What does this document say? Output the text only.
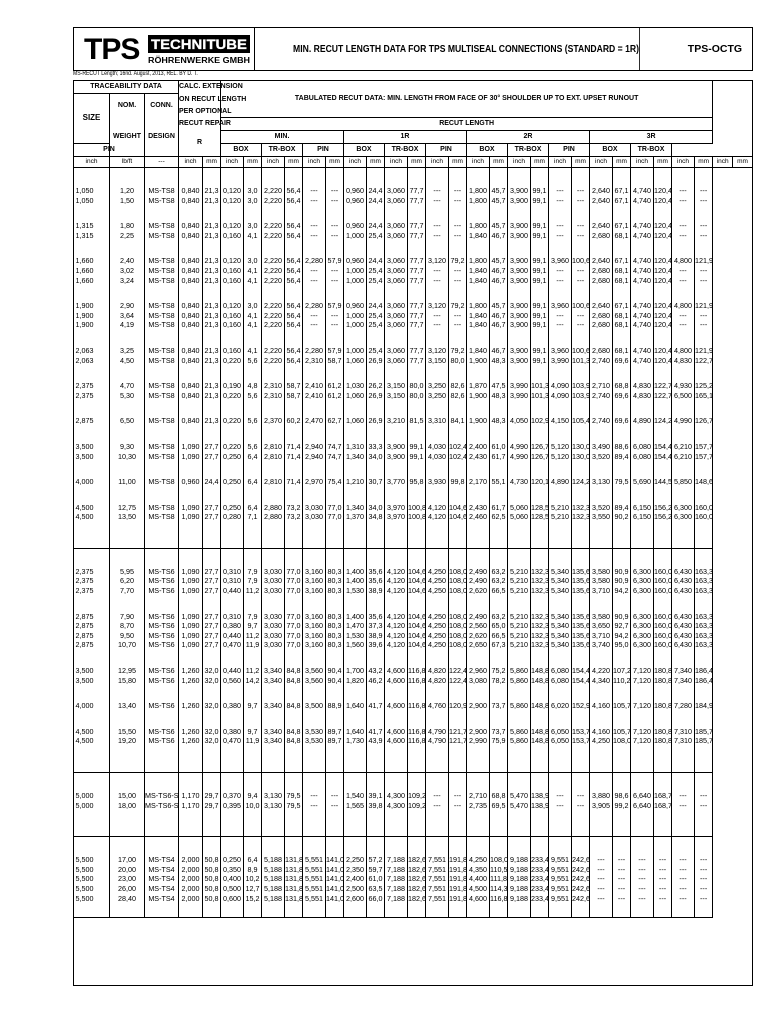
TPS TECHNITUBE
RÖHRENWERKE GMBH
MIN. RECUT LENGTH DATA FOR TPS MULTISEAL CONNECTIONS (STANDARD = 1R)	TPS-OCTG
MS-RECUT Length; 16nd. August, 2013, REL. BY D. T.
TRACEABILITY DATA			CALC. EXTENSION		TABULATED RECUT DATA: MIN. LENGTH FROM FACE OF 30° SHOULDER UP TO EXT. UPSET RUNOUT																									
SIZE	NOM.	CONN.	ON RECUT LENGTH																											
			PER OPTIONAL																											
	WEIGHT	DESIGN	RECUT REPAIR		RECUT LENGTH																									
			R		MIN.						1R						2R						3R							
PIN					BOX		TR-BOX		PIN		BOX		TR-BOX		PIN		BOX		TR-BOX		PIN		BOX		TR-BOX					
inch	lb/ft	---	inch	mm	inch	mm	inch	mm	inch	mm	inch	mm	inch	mm	inch	mm	inch	mm	inch	mm	inch	mm	inch	mm	inch	mm	inch	mm	inch	mm

1,050	1,20	MS-TS8	0,840	21,3	0,120	3,0	2,220	56,4	---	---	0,960	24,4	3,060	77,7	---	---	1,800	45,7	3,900	99,1	---	---	2,640	67,1	4,740	120,4	---	---		
1,050	1,50	MS-TS8	0,840	21,3	0,120	3,0	2,220	56,4	---	---	0,960	24,4	3,060	77,7	---	---	1,800	45,7	3,900	99,1	---	---	2,640	67,1	4,740	120,4	---	---		

1,315	1,80	MS-TS8	0,840	21,3	0,120	3,0	2,220	56,4	---	---	0,960	24,4	3,060	77,7	---	---	1,800	45,7	3,900	99,1	---	---	2,640	67,1	4,740	120,4	---	---		
1,315	2,25	MS-TS8	0,840	21,3	0,160	4,1	2,220	56,4	---	---	1,000	25,4	3,060	77,7	---	---	1,840	46,7	3,900	99,1	---	---	2,680	68,1	4,740	120,4	---	---		

1,660	2,40	MS-TS8	0,840	21,3	0,120	3,0	2,220	56,4	2,280	57,9	0,960	24,4	3,060	77,7	3,120	79,2	1,800	45,7	3,900	99,1	3,960	100,6	2,640	67,1	4,740	120,4	4,800	121,9		
1,660	3,02	MS-TS8	0,840	21,3	0,160	4,1	2,220	56,4	---	---	1,000	25,4	3,060	77,7	---	---	1,840	46,7	3,900	99,1	---	---	2,680	68,1	4,740	120,4	---	---		
1,660	3,24	MS-TS8	0,840	21,3	0,160	4,1	2,220	56,4	---	---	1,000	25,4	3,060	77,7	---	---	1,840	46,7	3,900	99,1	---	---	2,680	68,1	4,740	120,4	---	---		

1,900	2,90	MS-TS8	0,840	21,3	0,120	3,0	2,220	56,4	2,280	57,9	0,960	24,4	3,060	77,7	3,120	79,2	1,800	45,7	3,900	99,1	3,960	100,6	2,640	67,1	4,740	120,4	4,800	121,9		
1,900	3,64	MS-TS8	0,840	21,3	0,160	4,1	2,220	56,4	---	---	1,000	25,4	3,060	77,7	---	---	1,840	46,7	3,900	99,1	---	---	2,680	68,1	4,740	120,4	---	---		
1,900	4,19	MS-TS8	0,840	21,3	0,160	4,1	2,220	56,4	---	---	1,000	25,4	3,060	77,7	---	---	1,840	46,7	3,900	99,1	---	---	2,680	68,1	4,740	120,4	---	---		

2,063	3,25	MS-TS8	0,840	21,3	0,160	4,1	2,220	56,4	2,280	57,9	1,000	25,4	3,060	77,7	3,120	79,2	1,840	46,7	3,900	99,1	3,960	100,6	2,680	68,1	4,740	120,4	4,800	121,9		
2,063	4,50	MS-TS8	0,840	21,3	0,220	5,6	2,220	56,4	2,310	58,7	1,060	26,9	3,060	77,7	3,150	80,0	1,900	48,3	3,900	99,1	3,990	101,3	2,740	69,6	4,740	120,4	4,830	122,7		

2,375	4,70	MS-TS8	0,840	21,3	0,190	4,8	2,310	58,7	2,410	61,2	1,030	26,2	3,150	80,0	3,250	82,6	1,870	47,5	3,990	101,3	4,090	103,9	2,710	68,8	4,830	122,7	4,930	125,2		
2,375	5,30	MS-TS8	0,840	21,3	0,220	5,6	2,310	58,7	2,410	61,2	1,060	26,9	3,150	80,0	3,250	82,6	1,900	48,3	3,990	101,3	4,090	103,9	2,740	69,6	4,830	122,7	6,500	165,1		

2,875	6,50	MS-TS8	0,840	21,3	0,220	5,6	2,370	60,2	2,470	62,7	1,060	26,9	3,210	81,5	3,310	84,1	1,900	48,3	4,050	102,9	4,150	105,4	2,740	69,6	4,890	124,2	4,990	126,7		

3,500	9,30	MS-TS8	1,090	27,7	0,220	5,6	2,810	71,4	2,940	74,7	1,310	33,3	3,900	99,1	4,030	102,4	2,400	61,0	4,990	126,7	5,120	130,0	3,490	88,6	6,080	154,4	6,210	157,7		
3,500	10,30	MS-TS8	1,090	27,7	0,250	6,4	2,810	71,4	2,940	74,7	1,340	34,0	3,900	99,1	4,030	102,4	2,430	61,7	4,990	126,7	5,120	130,0	3,520	89,4	6,080	154,4	6,210	157,7		

4,000	11,00	MS-TS8	0,960	24,4	0,250	6,4	2,810	71,4	2,970	75,4	1,210	30,7	3,770	95,8	3,930	99,8	2,170	55,1	4,730	120,1	4,890	124,2	3,130	79,5	5,690	144,5	5,850	148,6		

4,500	12,75	MS-TS8	1,090	27,7	0,250	6,4	2,880	73,2	3,030	77,0	1,340	34,0	3,970	100,8	4,120	104,6	2,430	61,7	5,060	128,5	5,210	132,3	3,520	89,4	6,150	156,2	6,300	160,0		
4,500	13,50	MS-TS8	1,090	27,7	0,280	7,1	2,880	73,2	3,030	77,0	1,370	34,8	3,970	100,8	4,120	104,6	2,460	62,5	5,060	128,5	5,210	132,3	3,550	90,2	6,150	156,2	6,300	160,0		

2,375	5,95	MS-TS6	1,090	27,7	0,310	7,9	3,030	77,0	3,160	80,3	1,400	35,6	4,120	104,6	4,250	108,0	2,490	63,2	5,210	132,3	5,340	135,6	3,580	90,9	6,300	160,0	6,430	163,3		
2,375	6,20	MS-TS6	1,090	27,7	0,310	7,9	3,030	77,0	3,160	80,3	1,400	35,6	4,120	104,6	4,250	108,0	2,490	63,2	5,210	132,3	5,340	135,6	3,580	90,9	6,300	160,0	6,430	163,3		
2,375	7,70	MS-TS6	1,090	27,7	0,440	11,2	3,030	77,0	3,160	80,3	1,530	38,9	4,120	104,6	4,250	108,0	2,620	66,5	5,210	132,3	5,340	135,6	3,710	94,2	6,300	160,0	6,430	163,3		

2,875	7,90	MS-TS6	1,090	27,7	0,310	7,9	3,030	77,0	3,160	80,3	1,400	35,6	4,120	104,6	4,250	108,0	2,490	63,2	5,210	132,3	5,340	135,6	3,580	90,9	6,300	160,0	6,430	163,3		
2,875	8,70	MS-TS6	1,090	27,7	0,380	9,7	3,030	77,0	3,160	80,3	1,470	37,3	4,120	104,6	4,250	108,0	2,560	65,0	5,210	132,3	5,340	135,6	3,650	92,7	6,300	160,0	6,430	163,3		
2,875	9,50	MS-TS6	1,090	27,7	0,440	11,2	3,030	77,0	3,160	80,3	1,530	38,9	4,120	104,6	4,250	108,0	2,620	66,5	5,210	132,3	5,340	135,6	3,710	94,2	6,300	160,0	6,430	163,3		
2,875	10,70	MS-TS6	1,090	27,7	0,470	11,9	3,030	77,0	3,160	80,3	1,560	39,6	4,120	104,6	4,250	108,0	2,650	67,3	5,210	132,3	5,340	135,6	3,740	95,0	6,300	160,0	6,430	163,3		

3,500	12,95	MS-TS6	1,260	32,0	0,440	11,2	3,340	84,8	3,560	90,4	1,700	43,2	4,600	116,8	4,820	122,4	2,960	75,2	5,860	148,8	6,080	154,4	4,220	107,2	7,120	180,8	7,340	186,4		
3,500	15,80	MS-TS6	1,260	32,0	0,560	14,2	3,340	84,8	3,560	90,4	1,820	46,2	4,600	116,8	4,820	122,4	3,080	78,2	5,860	148,8	6,080	154,4	4,340	110,2	7,120	180,8	7,340	186,4		

4,000	13,40	MS-TS6	1,260	32,0	0,380	9,7	3,340	84,8	3,500	88,9	1,640	41,7	4,600	116,8	4,760	120,9	2,900	73,7	5,860	148,8	6,020	152,9	4,160	105,7	7,120	180,8	7,280	184,9		

4,500	15,50	MS-TS6	1,260	32,0	0,380	9,7	3,340	84,8	3,530	89,7	1,640	41,7	4,600	116,8	4,790	121,7	2,900	73,7	5,860	148,8	6,050	153,7	4,160	105,7	7,120	180,8	7,310	185,7		
4,500	19,20	MS-TS6	1,260	32,0	0,470	11,9	3,340	84,8	3,530	89,7	1,730	43,9	4,600	116,8	4,790	121,7	2,990	75,9	5,860	148,8	6,050	153,7	4,250	108,0	7,120	180,8	7,310	185,7		

5,000	15,00	MS-TS6-S	1,170	29,7	0,370	9,4	3,130	79,5	---	---	1,540	39,1	4,300	109,2	---	---	2,710	68,8	5,470	138,9	---	---	3,880	98,6	6,640	168,7	---	---		
5,000	18,00	MS-TS6-S	1,170	29,7	0,395	10,0	3,130	79,5	---	---	1,565	39,8	4,300	109,2	---	---	2,735	69,5	5,470	138,9	---	---	3,905	99,2	6,640	168,7	---	---		

5,500	17,00	MS-TS4	2,000	50,8	0,250	6,4	5,188	131,8	5,551	141,0	2,250	57,2	7,188	182,6	7,551	191,8	4,250	108,0	9,188	233,4	9,551	242,6	---	---	---	---	---	---		
5,500	20,00	MS-TS4	2,000	50,8	0,350	8,9	5,188	131,8	5,551	141,0	2,350	59,7	7,188	182,6	7,551	191,8	4,350	110,5	9,188	233,4	9,551	242,6	---	---	---	---	---	---		
5,500	23,00	MS-TS4	2,000	50,8	0,400	10,2	5,188	131,8	5,551	141,0	2,400	61,0	7,188	182,6	7,551	191,8	4,400	111,8	9,188	233,4	9,551	242,6	---	---	---	---	---	---		
5,500	26,00	MS-TS4	2,000	50,8	0,500	12,7	5,188	131,8	5,551	141,0	2,500	63,5	7,188	182,6	7,551	191,8	4,500	114,3	9,188	233,4	9,551	242,6	---	---	---	---	---	---		
5,500	28,40	MS-TS4	2,000	50,8	0,600	15,2	5,188	131,8	5,551	141,0	2,600	66,0	7,188	182,6	7,551	191,8	4,600	116,8	9,188	233,4	9,551	242,6	---	---	---	---	---	---		
